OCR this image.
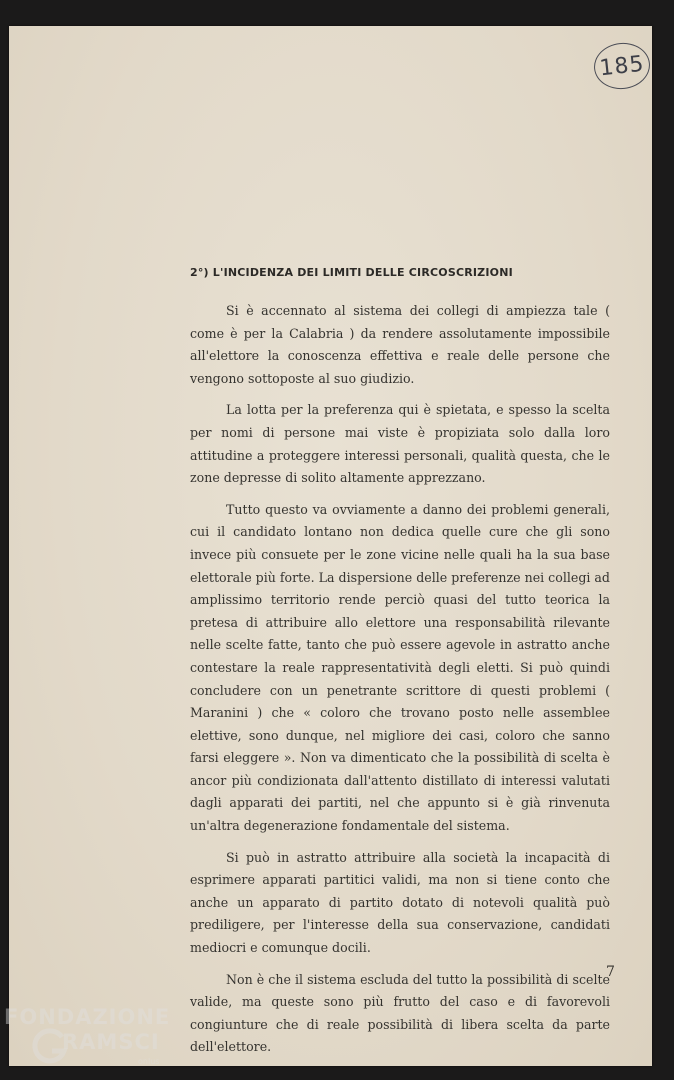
185
2°) L'INCIDENZA DEI LIMITI DELLE CIRCOSCRIZIONI

Si è accennato al sistema dei collegi di ampiezza tale ( come è per la Calabria ) da rendere assolutamente impossibile all'elettore la conoscenza effettiva e reale delle persone che vengono sottoposte al suo giudizio.

La lotta per la preferenza qui è spietata, e spesso la scelta per nomi di persone mai viste è propiziata solo dalla loro attitudine a proteggere interessi personali, qualità questa, che le zone depresse di solito altamente apprezzano.

Tutto questo va ovviamente a danno dei problemi generali, cui il candidato lontano non dedica quelle cure che gli sono invece più consuete per le zone vicine nelle quali ha la sua base elettorale più forte. La dispersione delle preferenze nei collegi ad amplissimo territorio rende perciò quasi del tutto teorica la pretesa di attribuire allo elettore una responsabilità rilevante nelle scelte fatte, tanto che può essere agevole in astratto anche contestare la reale rappresentatività degli eletti. Si può quindi concludere con un penetrante scrittore di questi problemi ( Maranini ) che « coloro che trovano posto nelle assemblee elettive, sono dunque, nel migliore dei casi, coloro che sanno farsi eleggere ». Non va dimenticato che la possibilità di scelta è ancor più condizionata dall'attento distillato di interessi valutati dagli apparati dei partiti, nel che appunto si è già rinvenuta un'altra degenerazione fondamentale del sistema.

Si può in astratto attribuire alla società la incapacità di esprimere apparati partitici validi, ma non si tiene conto che anche un apparato di partito dotato di notevoli qualità può prediligere, per l'interesse della sua conservazione, candidati mediocri e comunque docili.

Non è che il sistema escluda del tutto la possibilità di scelte valide, ma queste sono più frutto del caso e di favorevoli congiunture che di reale possibilità di libera scelta da parte dell'elettore.

7
FONDAZIONE
RAMSCI
onlus
